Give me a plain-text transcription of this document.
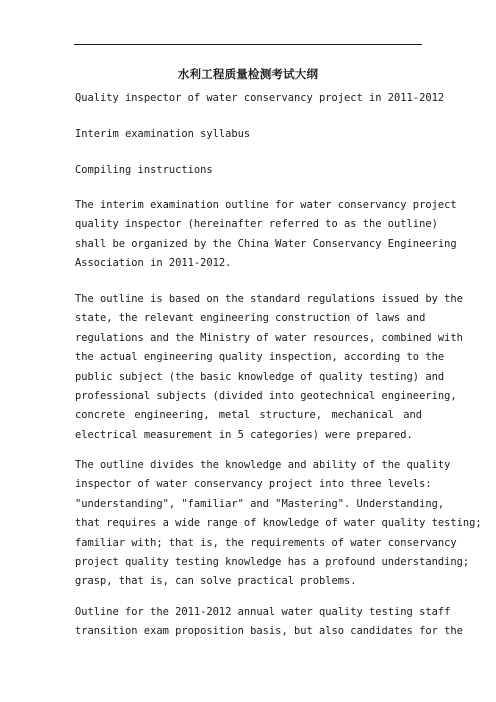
水利工程质量检测考试大纲
Quality inspector of water conservancy project in 2011-2012
Interim examination syllabus
Compiling instructions
The interim examination outline for water conservancy project
quality inspector (hereinafter referred to as the outline)
shall be organized by the China Water Conservancy Engineering
Association in 2011-2012.
The outline is based on the standard regulations issued by the
state, the relevant engineering construction of laws and
regulations and the Ministry of water resources, combined with
the actual engineering quality inspection, according to the
public subject (the basic knowledge of quality testing) and
professional subjects (divided into geotechnical engineering,
concrete engineering, metal structure, mechanical and
electrical measurement in 5 categories) were prepared.
The outline divides the knowledge and ability of the quality
inspector of water conservancy project into three levels:
"understanding", "familiar" and "Mastering". Understanding,
that requires a wide range of knowledge of water quality testing;
familiar with; that is, the requirements of water conservancy
project quality testing knowledge has a profound understanding;
grasp, that is, can solve practical problems.
Outline for the 2011-2012 annual water quality testing staff
transition exam proposition basis, but also candidates for the
